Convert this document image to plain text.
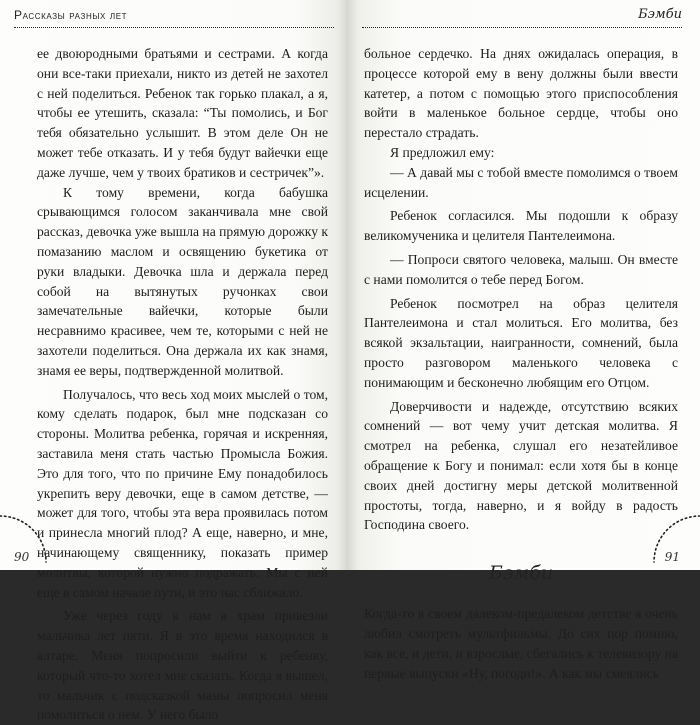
Рассказы разных лет

ее двоюродными братьями и сестрами. А когда они все-таки приехали, никто из детей не захотел с ней поделиться. Ребенок так горько плакал, а я, чтобы ее утешить, сказала: “Ты помолись, и Бог тебя обязательно услышит. В этом деле Он не может тебе отказать. И у тебя будут вайечки еще даже лучше, чем у твоих братиков и сестричек”».

К тому времени, когда бабушка срывающимся голосом заканчивала мне свой рассказ, девочка уже вышла на прямую дорожку к помазанию маслом и освящению букетика от руки владыки. Девочка шла и держала перед собой на вытянутых ручонках свои замечательные вайечки, которые были несравнимо красивее, чем те, которыми с ней не захотели поделиться. Она держала их как знамя, знамя ее веры, подтвержденной молитвой.

Получалось, что весь ход моих мыслей о том, кому сделать подарок, был мне подсказан со стороны. Молитва ребенка, горячая и искренняя, заставила меня стать частью Промысла Божия. Это для того, что по причине Ему понадобилось укрепить веру девочки, еще в самом детстве, — может для того, чтобы эта вера проявилась потом и принесла многий плод? А еще, наверно, и мне, начинающему священнику, показать пример молитвы, которой нужно подражать. Мы с ней еще в самом начале пути, и это нас сближало.

Уже через году к нам в храм привезли мальчика лет пяти. Я в это время находился в алтаре. Меня попросили выйти к ребенку, который что-то хотел мне сказать. Когда я вышел, то мальчик с подсказкой мамы попросил меня помолиться о нем. У него было

90
Бэмби

больное сердечко. На днях ожидалась операция, в процессе которой ему в вену должны были ввести катетер, а потом с помощью этого приспособления войти в маленькое больное сердце, чтобы оно перестало страдать.

Я предложил ему:

— А давай мы с тобой вместе помолимся о твоем исцелении.

Ребенок согласился. Мы подошли к образу великомученика и целителя Пантелеимона.

— Попроси святого человека, малыш. Он вместе с нами помолится о тебе перед Богом.

Ребенок посмотрел на образ целителя Пантелеимона и стал молиться. Его молитва, без всякой экзальтации, наигранности, сомнений, была просто разговором маленького человека с понимающим и бесконечно любящим его Отцом.

Доверчивости и надежде, отсутствию всяких сомнений — вот чему учит детская молитва. Я смотрел на ребенка, слушал его незатейливое обращение к Богу и понимал: если хотя бы в конце своих дней достигну меры детской молитвенной простоты, тогда, наверно, и я войду в радость Господина своего.

Бэмби

Когда-то в своем далеком-предалеком детстве я очень любил смотреть мультфильмы. До сих пор помню, как все, и дети, и взрослые, сбегались к телевизору на первые выпуски «Ну, погоди!». А как мы смеялись

91
